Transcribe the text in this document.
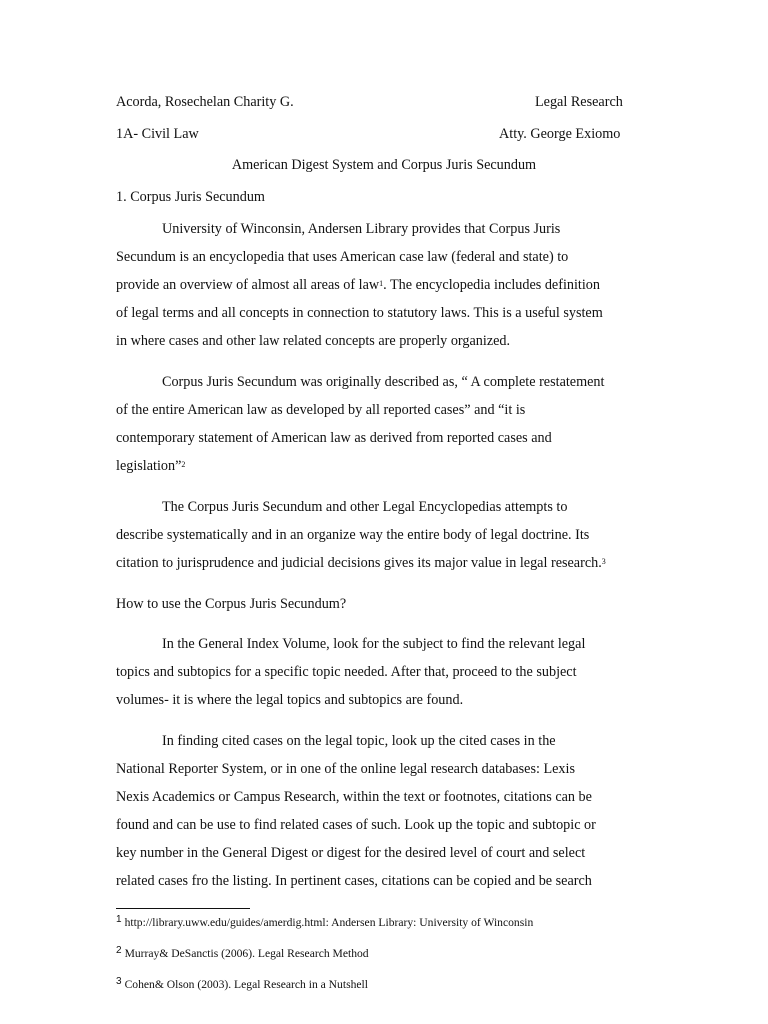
Acorda, Rosechelan Charity G.	Legal Research
1A- Civil Law	Atty. George Exiomo
American Digest System and Corpus Juris Secundum
1. Corpus Juris Secundum
University of Winconsin, Andersen Library provides that Corpus Juris
Secundum is an encyclopedia that uses American case law (federal and state) to
provide an overview of almost all areas of law$^1$. The encyclopedia includes definition
of legal terms and all concepts in connection to statutory laws. This is a useful system
in where cases and other law related concepts are properly organized.
Corpus Juris Secundum was originally described as, “ A complete restatement
of the entire American law as developed by all reported cases” and “it is
contemporary statement of American law as derived from reported cases and
legislation”$^2$
The Corpus Juris Secundum and other Legal Encyclopedias attempts to
describe systematically and in an organize way the entire body of legal doctrine. Its
citation to jurisprudence and judicial decisions gives its major value in legal research.$^3$
How to use the Corpus Juris Secundum?
In the General Index Volume, look for the subject to find the relevant legal
topics and subtopics for a specific topic needed. After that, proceed to the subject
volumes- it is where the legal topics and subtopics are found.
In finding cited cases on the legal topic, look up the cited cases in the
National Reporter System, or in one of the online legal research databases: Lexis
Nexis Academics or Campus Research, within the text or footnotes, citations can be
found and can be use to find related cases of such. Look up the topic and subtopic or
key number in the General Digest or digest for the desired level of court and select
related cases fro the listing. In pertinent cases, citations can be copied and be search
1 http://library.uww.edu/guides/amerdig.html: Andersen Library: University of Winconsin
2 Murray& DeSanctis (2006). Legal Research Method
3 Cohen& Olson (2003). Legal Research in a Nutshell
